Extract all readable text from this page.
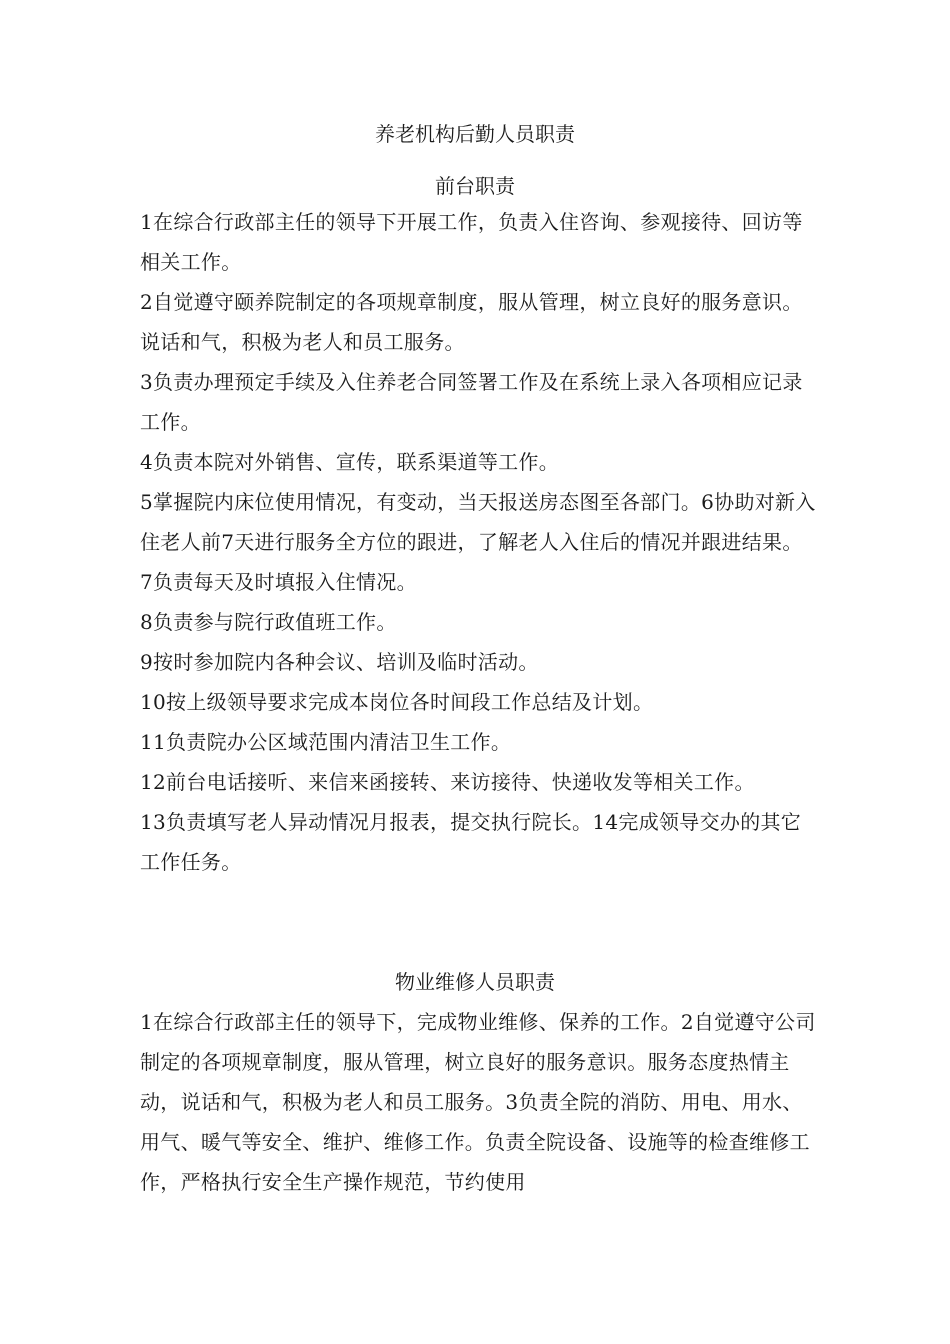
养老机构后勤人员职责
前台职责

1在综合行政部主任的领导下开展工作，负责入住咨询、参观接待、回访等相关工作。

2自觉遵守颐养院制定的各项规章制度，服从管理，树立良好的服务意识。说话和气，积极为老人和员工服务。

3负责办理预定手续及入住养老合同签署工作及在系统上录入各项相应记录工作。

4负责本院对外销售、宣传，联系渠道等工作。

5掌握院内床位使用情况，有变动，当天报送房态图至各部门。6协助对新入住老人前7天进行服务全方位的跟进，了解老人入住后的情况并跟进结果。

7负责每天及时填报入住情况。

8负责参与院行政值班工作。

9按时参加院内各种会议、培训及临时活动。

10按上级领导要求完成本岗位各时间段工作总结及计划。

11负责院办公区域范围内清洁卫生工作。

12前台电话接听、来信来函接转、来访接待、快递收发等相关工作。

13负责填写老人异动情况月报表，提交执行院长。14完成领导交办的其它工作任务。

物业维修人员职责

1在综合行政部主任的领导下，完成物业维修、保养的工作。2自觉遵守公司制定的各项规章制度，服从管理，树立良好的服务意识。服务态度热情主动，说话和气，积极为老人和员工服务。3负责全院的消防、用电、用水、用气、暖气等安全、维护、维修工作。负责全院设备、设施等的检查维修工作，严格执行安全生产操作规范，节约使用
